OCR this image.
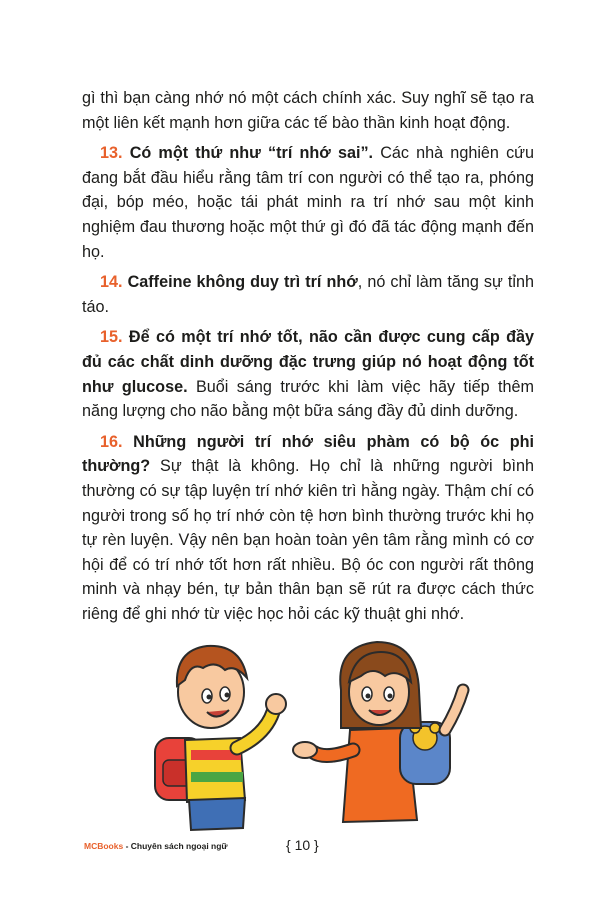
gì thì bạn càng nhớ nó một cách chính xác. Suy nghĩ sẽ tạo ra một liên kết mạnh hơn giữa các tế bào thần kinh hoạt động.

13. Có một thứ như “trí nhớ sai”. Các nhà nghiên cứu đang bắt đầu hiểu rằng tâm trí con người có thể tạo ra, phóng đại, bóp méo, hoặc tái phát minh ra trí nhớ sau một kinh nghiệm đau thương hoặc một thứ gì đó đã tác động mạnh đến họ.

14. Caffeine không duy trì trí nhớ, nó chỉ làm tăng sự tỉnh táo.

15. Để có một trí nhớ tốt, não cần được cung cấp đầy đủ các chất dinh dưỡng đặc trưng giúp nó hoạt động tốt như glucose. Buổi sáng trước khi làm việc hãy tiếp thêm năng lượng cho não bằng một bữa sáng đầy đủ dinh dưỡng.

16. Những người trí nhớ siêu phàm có bộ óc phi thường? Sự thật là không. Họ chỉ là những người bình thường có sự tập luyện trí nhớ kiên trì hằng ngày. Thậm chí có người trong số họ trí nhớ còn tệ hơn bình thường trước khi họ tự rèn luyện. Vậy nên bạn hoàn toàn yên tâm rằng mình có cơ hội để có trí nhớ tốt hơn rất nhiều. Bộ óc con người rất thông minh và nhạy bén, tự bản thân bạn sẽ rút ra được cách thức riêng để ghi nhớ từ việc học hỏi các kỹ thuật ghi nhớ.

MCBooks - Chuyên sách ngoại ngữ	{ 10 }
